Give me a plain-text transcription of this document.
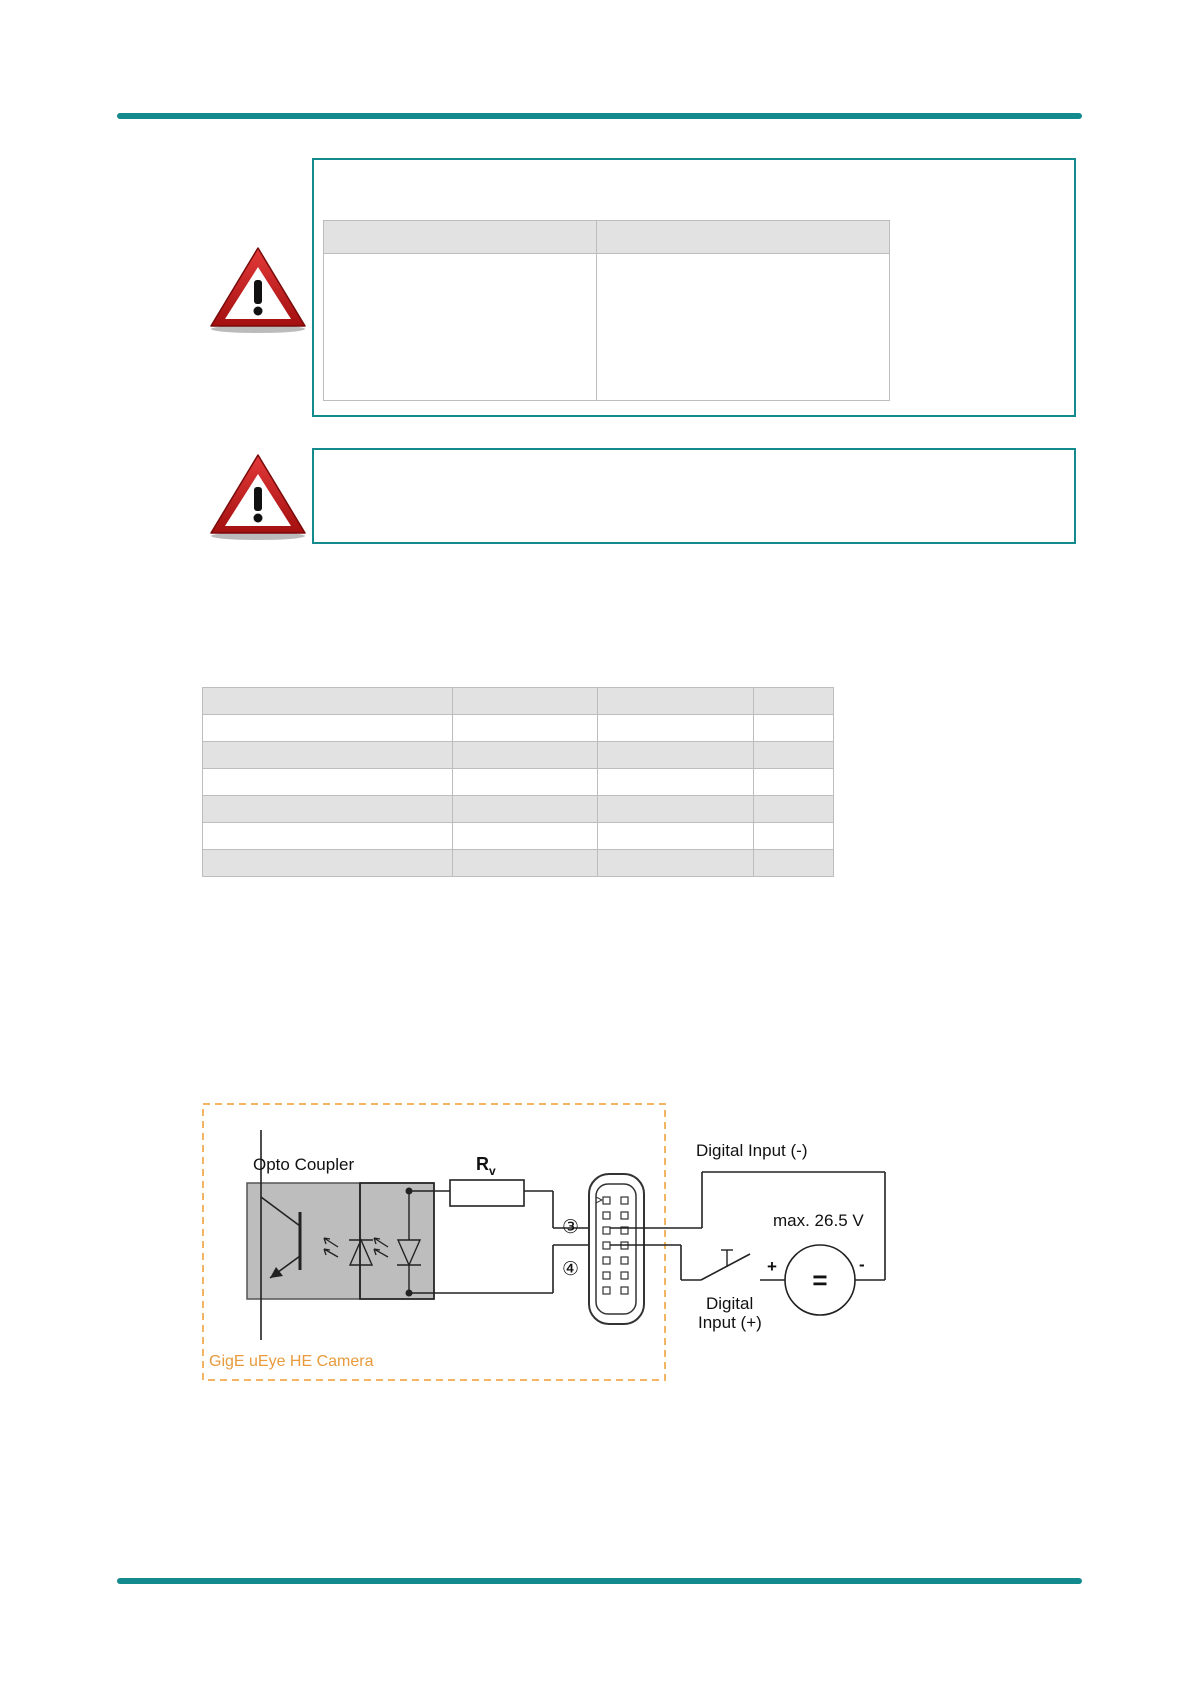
Opto Coupler	R v
③
④
Digital Input (-)
max. 26.5 V
+	-
=
Digital
Input (+)
GigE uEye HE Camera
